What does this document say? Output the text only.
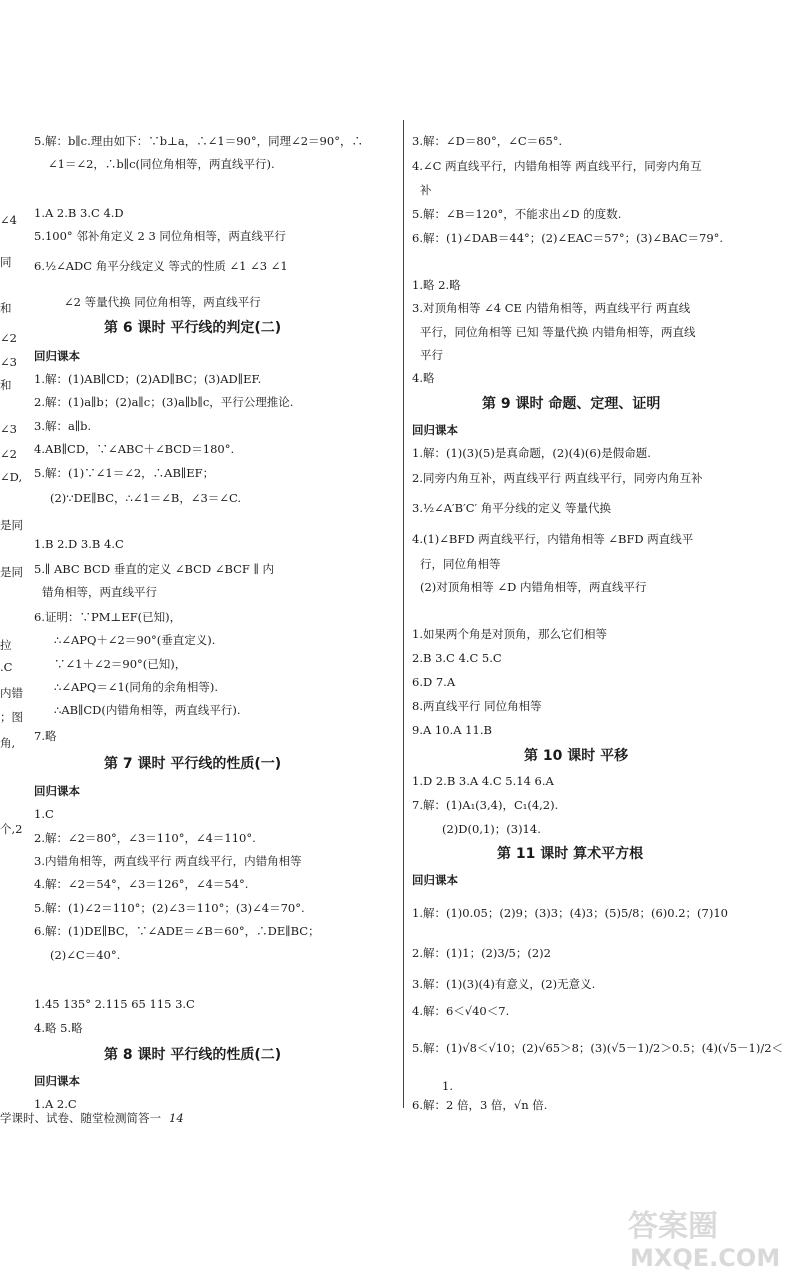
∠4
同
和
∠2
∠3
和
∠3
∠2
∠D,
是同
是同
拉
.C
内错
；图
角,
个,2
5.解：b∥c.理由如下：∵b⊥a，∴∠1＝90°，同理∠2＝90°，∴
∠1＝∠2，∴b∥c(同位角相等，两直线平行).
1.A 2.B 3.C 4.D
5.100° 邻补角定义 2 3 同位角相等，两直线平行
6.½∠ADC 角平分线定义 等式的性质 ∠1 ∠3 ∠1
∠2 等量代换 同位角相等，两直线平行
第 6 课时 平行线的判定(二)
回归课本
1.解：(1)AB∥CD；(2)AD∥BC；(3)AD∥EF.
2.解：(1)a∥b；(2)a∥c；(3)a∥b∥c，平行公理推论.
3.解：a∥b.
4.AB∥CD，∵∠ABC＋∠BCD＝180°.
5.解：(1)∵∠1＝∠2，∴AB∥EF；
(2)∵DE∥BC，∴∠1＝∠B，∠3＝∠C.
1.B 2.D 3.B 4.C
5.∥ ABC BCD 垂直的定义 ∠BCD ∠BCF ∥ 内
错角相等，两直线平行
6.证明：∵PM⊥EF(已知)，
∴∠APQ＋∠2＝90°(垂直定义).
∵∠1＋∠2＝90°(已知)，
∴∠APQ＝∠1(同角的余角相等).
∴AB∥CD(内错角相等，两直线平行).
7.略
第 7 课时 平行线的性质(一)
回归课本
1.C
2.解：∠2＝80°，∠3＝110°，∠4＝110°.
3.内错角相等，两直线平行 两直线平行，内错角相等
4.解：∠2＝54°，∠3＝126°，∠4＝54°.
5.解：(1)∠2＝110°；(2)∠3＝110°；(3)∠4＝70°.
6.解：(1)DE∥BC，∵∠ADE＝∠B＝60°，∴DE∥BC；
(2)∠C＝40°.
1.45 135° 2.115 65 115 3.C
4.略 5.略
第 8 课时 平行线的性质(二)
回归课本
1.A 2.C
3.解：∠D＝80°，∠C＝65°.
4.∠C 两直线平行，内错角相等 两直线平行，同旁内角互
补
5.解：∠B＝120°，不能求出∠D 的度数.
6.解：(1)∠DAB＝44°；(2)∠EAC＝57°；(3)∠BAC＝79°.
1.略 2.略
3.对顶角相等 ∠4 CE 内错角相等，两直线平行 两直线
平行，同位角相等 已知 等量代换 内错角相等，两直线
平行
4.略
第 9 课时 命题、定理、证明
回归课本
1.解：(1)(3)(5)是真命题，(2)(4)(6)是假命题.
2.同旁内角互补，两直线平行 两直线平行，同旁内角互补
3.½∠A′B′C′ 角平分线的定义 等量代换
4.(1)∠BFD 两直线平行，内错角相等 ∠BFD 两直线平
行，同位角相等
(2)对顶角相等 ∠D 内错角相等，两直线平行
1.如果两个角是对顶角，那么它们相等
2.B 3.C 4.C 5.C
6.D 7.A
8.两直线平行 同位角相等
9.A 10.A 11.B
第 10 课时 平移
1.D 2.B 3.A 4.C 5.14 6.A
7.解：(1)A₁(3,4)，C₁(4,2).
(2)D(0,1)；(3)14.
第 11 课时 算术平方根
回归课本
1.解：(1)0.05；(2)9；(3)3；(4)3；(5)5/8；(6)0.2；(7)10
2.解：(1)1；(2)3/5；(2)2
3.解：(1)(3)(4)有意义，(2)无意义.
4.解：6＜√40＜7.
5.解：(1)√8＜√10；(2)√65＞8；(3)(√5－1)/2＞0.5；(4)(√5－1)/2＜
1.
6.解：2 倍，3 倍，√n 倍.
学课时、试卷、随堂检测简答一 14
答案圈
MXQE.COM
